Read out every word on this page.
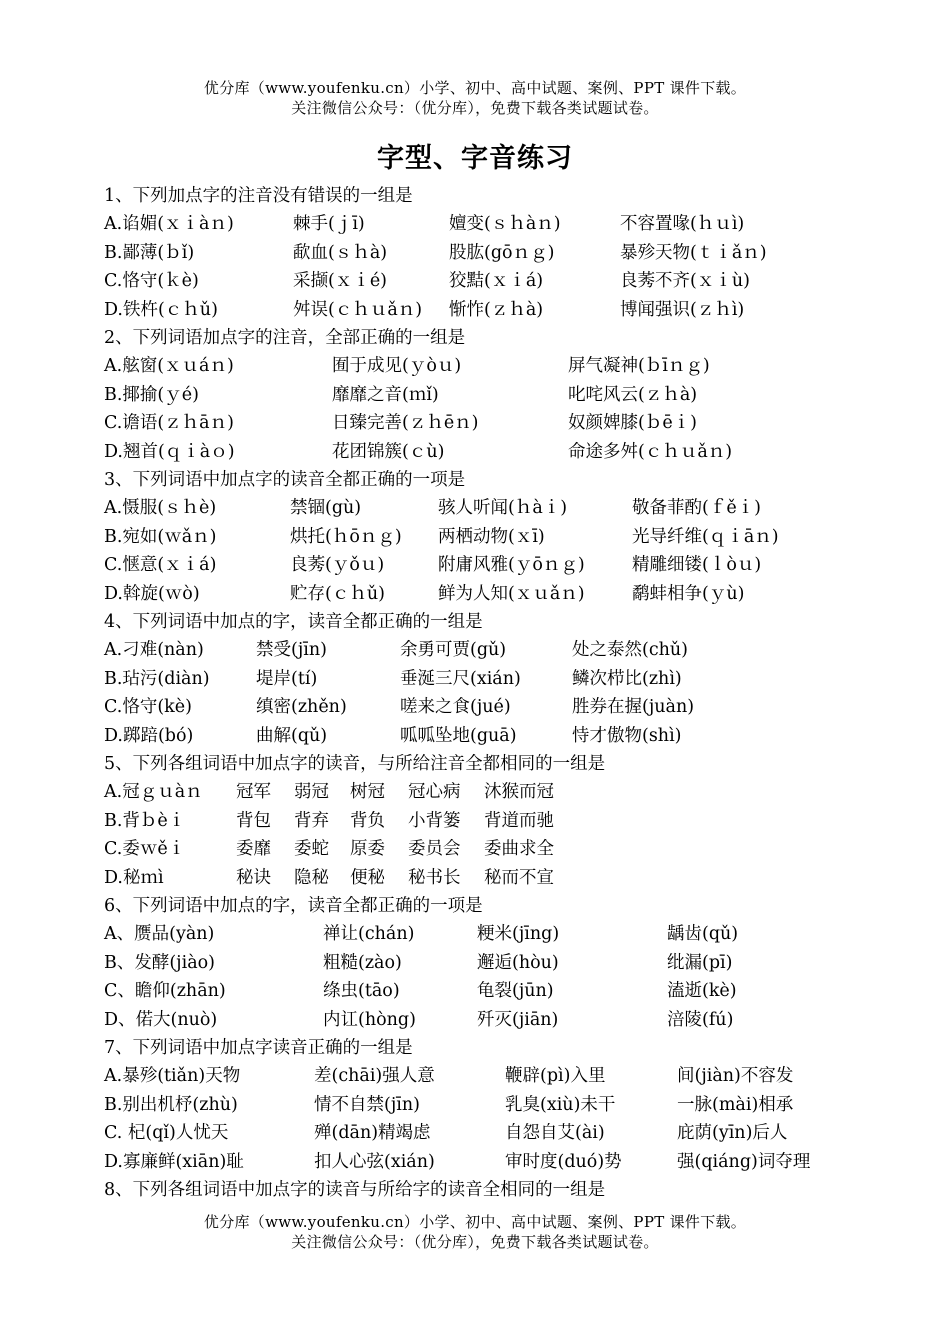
优分库（www.youfenku.cn）小学、初中、高中试题、案例、PPT 课件下载。
关注微信公众号：（优分库），免费下载各类试题试卷。
字型、字音练习
1、下列加点字的注音没有错误的一组是
A.谄媚(ｘｉàｎ)	棘手(ｊī)	嬗变(ｓｈàｎ)	不容置喙(ｈｕì)
B.鄙薄(ｂǐ)	歃血(ｓｈà)	股肱(gōｎｇ)	暴殄天物(ｔｉǎｎ)
C.恪守(ｋè)	采撷(ｘｉé)	狡黠(ｘｉá)	良莠不齐(ｘｉù)
D.铁杵(ｃｈǔ)	舛误(ｃｈｕǎｎ) 惭怍(ｚｈà)	博闻强识(ｚｈì)
2、下列词语加点字的注音，全部正确的一组是
A.舷窗(ｘｕáｎ)	囿于成见(ｙòｕ)	屏气凝神(ｂīｎｇ)
B.揶揄(ｙé)	靡靡之音(ｍǐ)	叱咤风云(ｚｈà)
C.谵语(ｚｈāｎ)	日臻完善(ｚｈēｎ)	奴颜婢膝(ｂēｉ)
D.翘首(ｑｉàｏ)	花团锦簇(ｃù)	命途多舛(ｃｈｕǎｎ)
3、下列词语中加点字的读音全都正确的一项是
A.慑服(ｓｈè)	禁锢(gù)	骇人听闻(ｈàｉ)	敬备菲酌(ｆěｉ)
B.宛如(ｗǎｎ)	烘托(ｈōｎｇ) 两栖动物(ｘī)	光导纤维(ｑｉāｎ)
C.惬意(ｘｉá)	良莠(ｙǒｕ)	附庸风雅(ｙōｎｇ)	精雕细镂(ｌòｕ)
D.斡旋(ｗò)	贮存(ｃｈǔ)	鲜为人知(ｘｕǎｎ)	鹬蚌相争(ｙù)
4、下列词语中加点的字，读音全都正确的一组是
A.刁难(nàn)	禁受(jīn)	余勇可贾(gǔ)	处之泰然(chǔ)
B.玷污(diàn)	堤岸(tí)	垂涎三尺(xián)	鳞次栉比(zhì)
C.恪守(kè)	缜密(zhěn)	嗟来之食(jué)	胜券在握(juàn)
D.踯踣(bó)	曲解(qǔ)	呱呱坠地(guā)	恃才傲物(shì)
5、下列各组词语中加点字的读音，与所给注音全都相同的一组是
A.冠ｇｕàｎ 冠军 弱冠 树冠 冠心病 沐猴而冠
B.背ｂèｉ	背包 背弃 背负 小背篓 背道而驰
C.委ｗěｉ	委靡 委蛇 原委 委员会 委曲求全
D.秘ｍì	秘诀 隐秘 便秘 秘书长 秘而不宣
6、下列词语中加点的字，读音全都正确的一项是
A、赝品(yàn)	禅让(chán)	粳米(jīng)	龋齿(qǔ)
B、发酵(jiào)	粗糙(zào)	邂逅(hòu)	纰漏(pī)
C、瞻仰(zhān)	绦虫(tāo)	龟裂(jūn)	溘逝(kè)
D、偌大(nuò)	内讧(hòng)	歼灭(jiān)	涪陵(fú)
7、下列词语中加点字读音正确的一组是
A.暴殄(tiǎn)天物	差(chāi)强人意	鞭辟(pì)入里	间(jiàn)不容发
B.别出机杼(zhù)	情不自禁(jīn)	乳臭(xiù)未干	一脉(mài)相承
C. 杞(qǐ)人忧天	殚(dān)精竭虑	自怨自艾(ài)	庇荫(yīn)后人
D.寡廉鲜(xiān)耻	扣人心弦(xián)	审时度(duó)势	强(qiáng)词夺理
8、下列各组词语中加点字的读音与所给字的读音全相同的一组是
优分库（www.youfenku.cn）小学、初中、高中试题、案例、PPT 课件下载。
关注微信公众号：（优分库），免费下载各类试题试卷。
